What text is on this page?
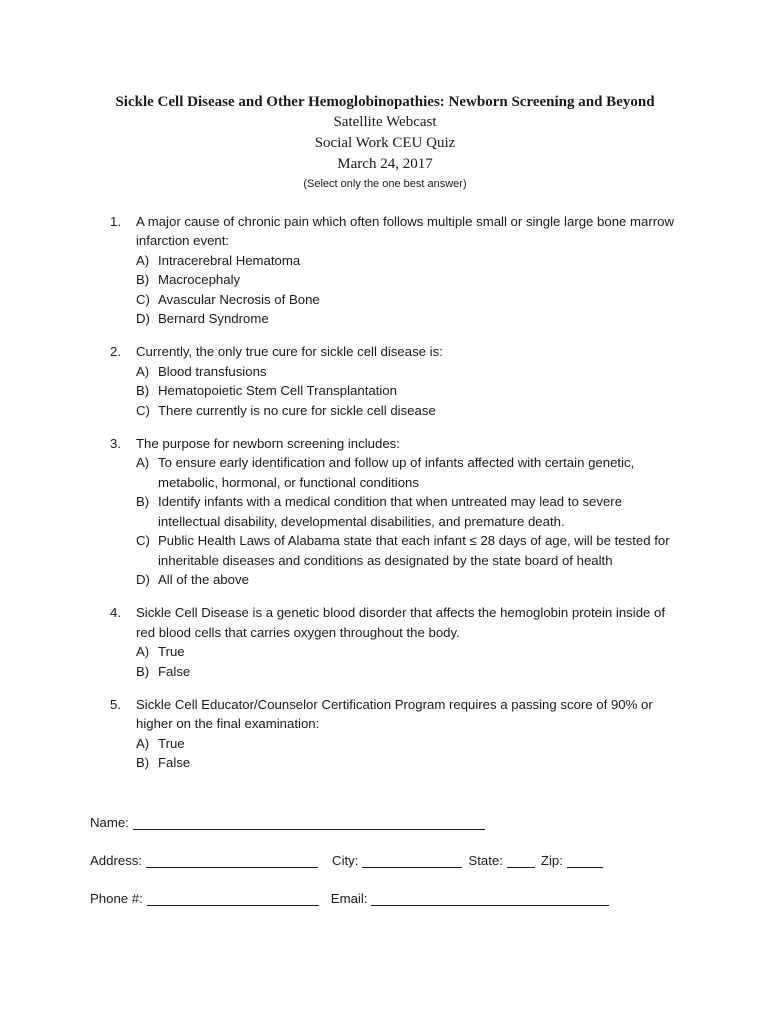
Sickle Cell Disease and Other Hemoglobinopathies: Newborn Screening and Beyond
Satellite Webcast
Social Work CEU Quiz
March 24, 2017
(Select only the one best answer)
1.	A major cause of chronic pain which often follows multiple small or single large bone marrow infarction event:
A) Intracerebral Hematoma
B) Macrocephaly
C) Avascular Necrosis of Bone
D) Bernard Syndrome
2.	Currently, the only true cure for sickle cell disease is:
A) Blood transfusions
B) Hematopoietic Stem Cell Transplantation
C) There currently is no cure for sickle cell disease
3.	The purpose for newborn screening includes:
A) To ensure early identification and follow up of infants affected with certain genetic, metabolic, hormonal, or functional conditions
B) Identify infants with a medical condition that when untreated may lead to severe intellectual disability, developmental disabilities, and premature death.
C) Public Health Laws of Alabama state that each infant ≤ 28 days of age, will be tested for inheritable diseases and conditions as designated by the state board of health
D) All of the above
4.	Sickle Cell Disease is a genetic blood disorder that affects the hemoglobin protein inside of red blood cells that carries oxygen throughout the body.
A) True
B) False
5.	Sickle Cell Educator/Counselor Certification Program requires a passing score of 90% or higher on the final examination:
A) True
B) False
Name:
Address:	City:	State:	Zip:
Phone #:	Email:
